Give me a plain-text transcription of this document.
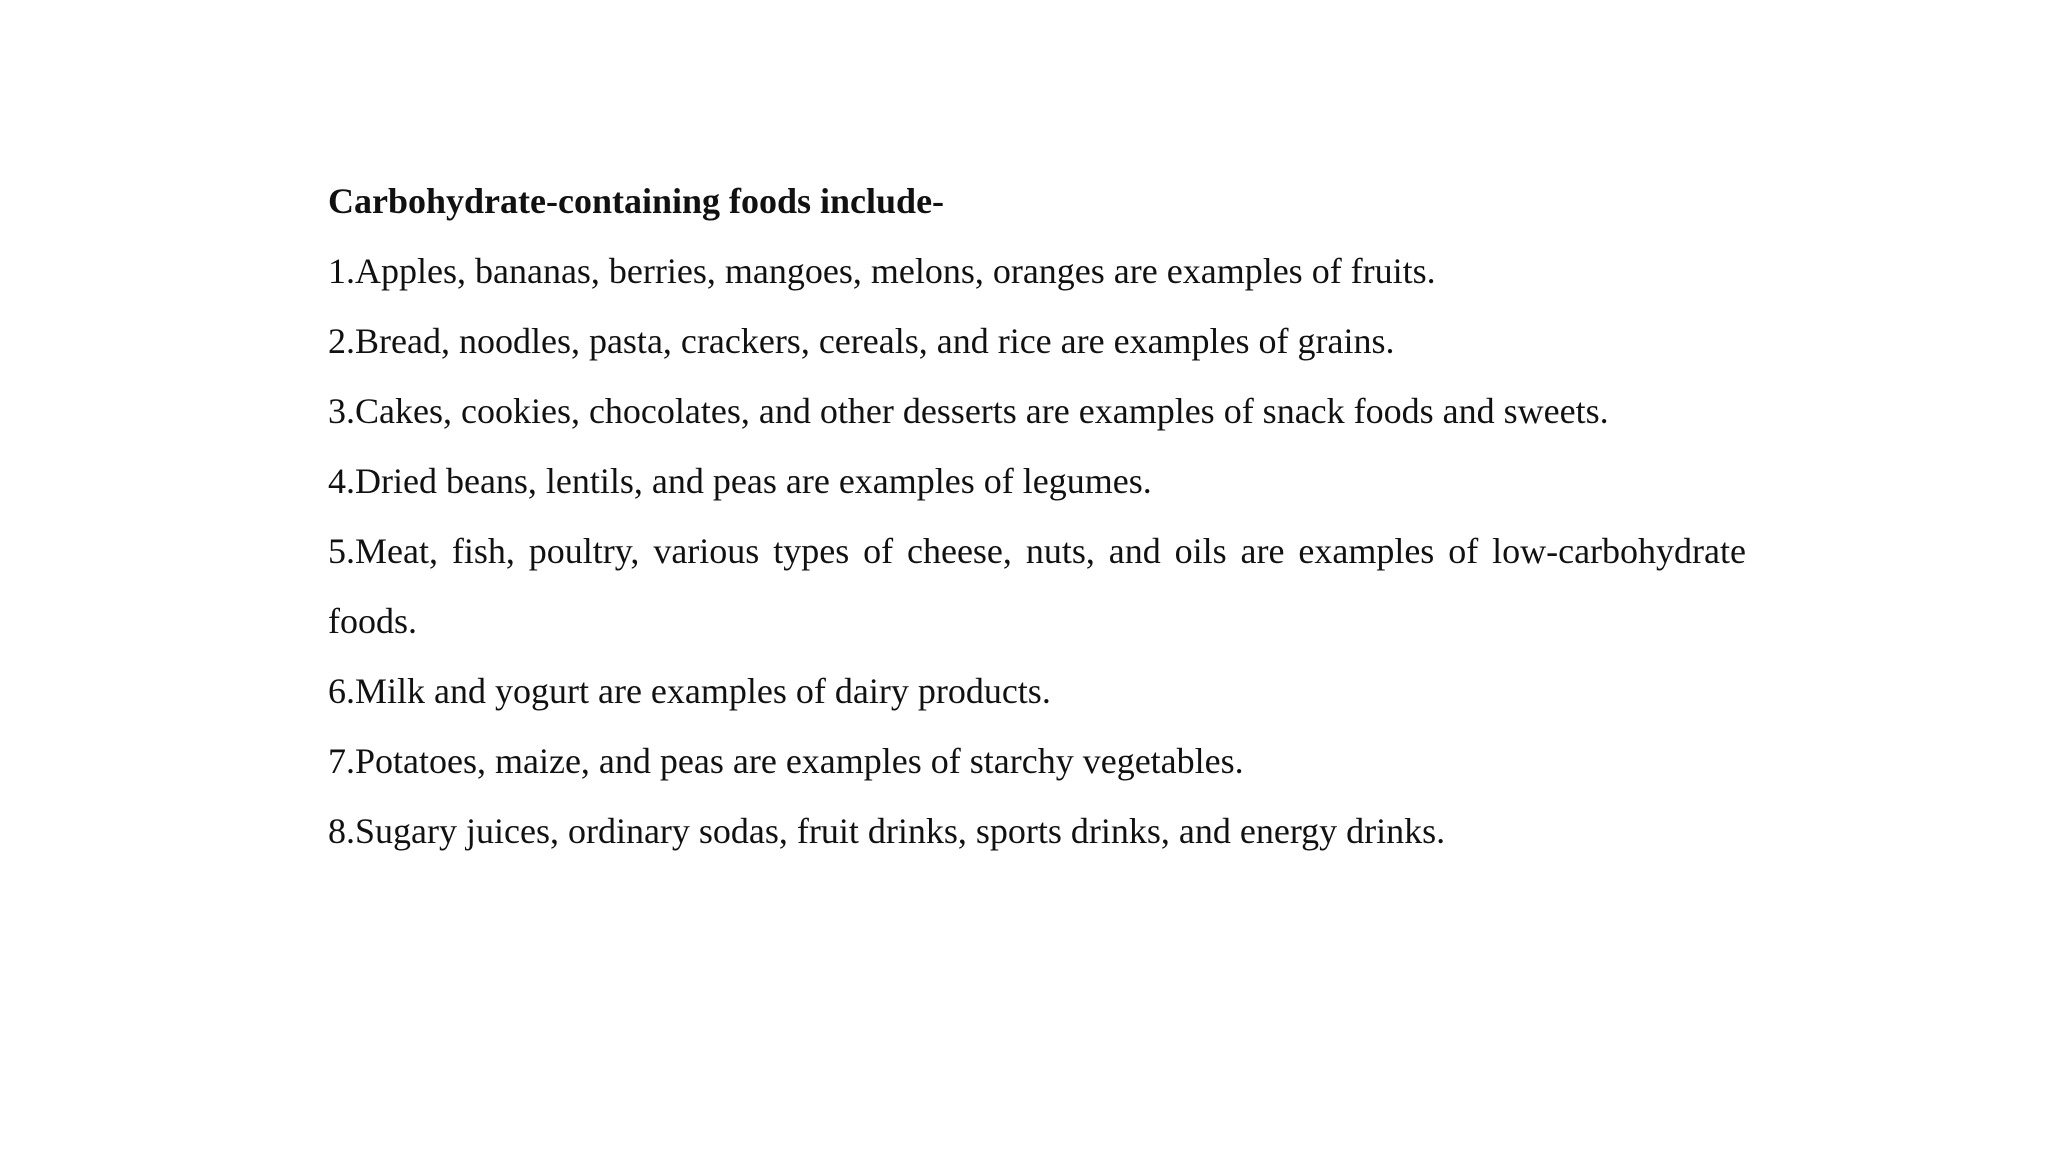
Carbohydrate-containing foods include-

1.Apples, bananas, berries, mangoes, melons, oranges are examples of fruits.
2.Bread, noodles, pasta, crackers, cereals, and rice are examples of grains.
3.Cakes, cookies, chocolates, and other desserts are examples of snack foods and sweets.
4.Dried beans, lentils, and peas are examples of legumes.
5.Meat, fish, poultry, various types of cheese, nuts, and oils are examples of low-carbohydrate foods.
6.Milk and yogurt are examples of dairy products.
7.Potatoes, maize, and peas are examples of starchy vegetables.
8.Sugary juices, ordinary sodas, fruit drinks, sports drinks, and energy drinks.
